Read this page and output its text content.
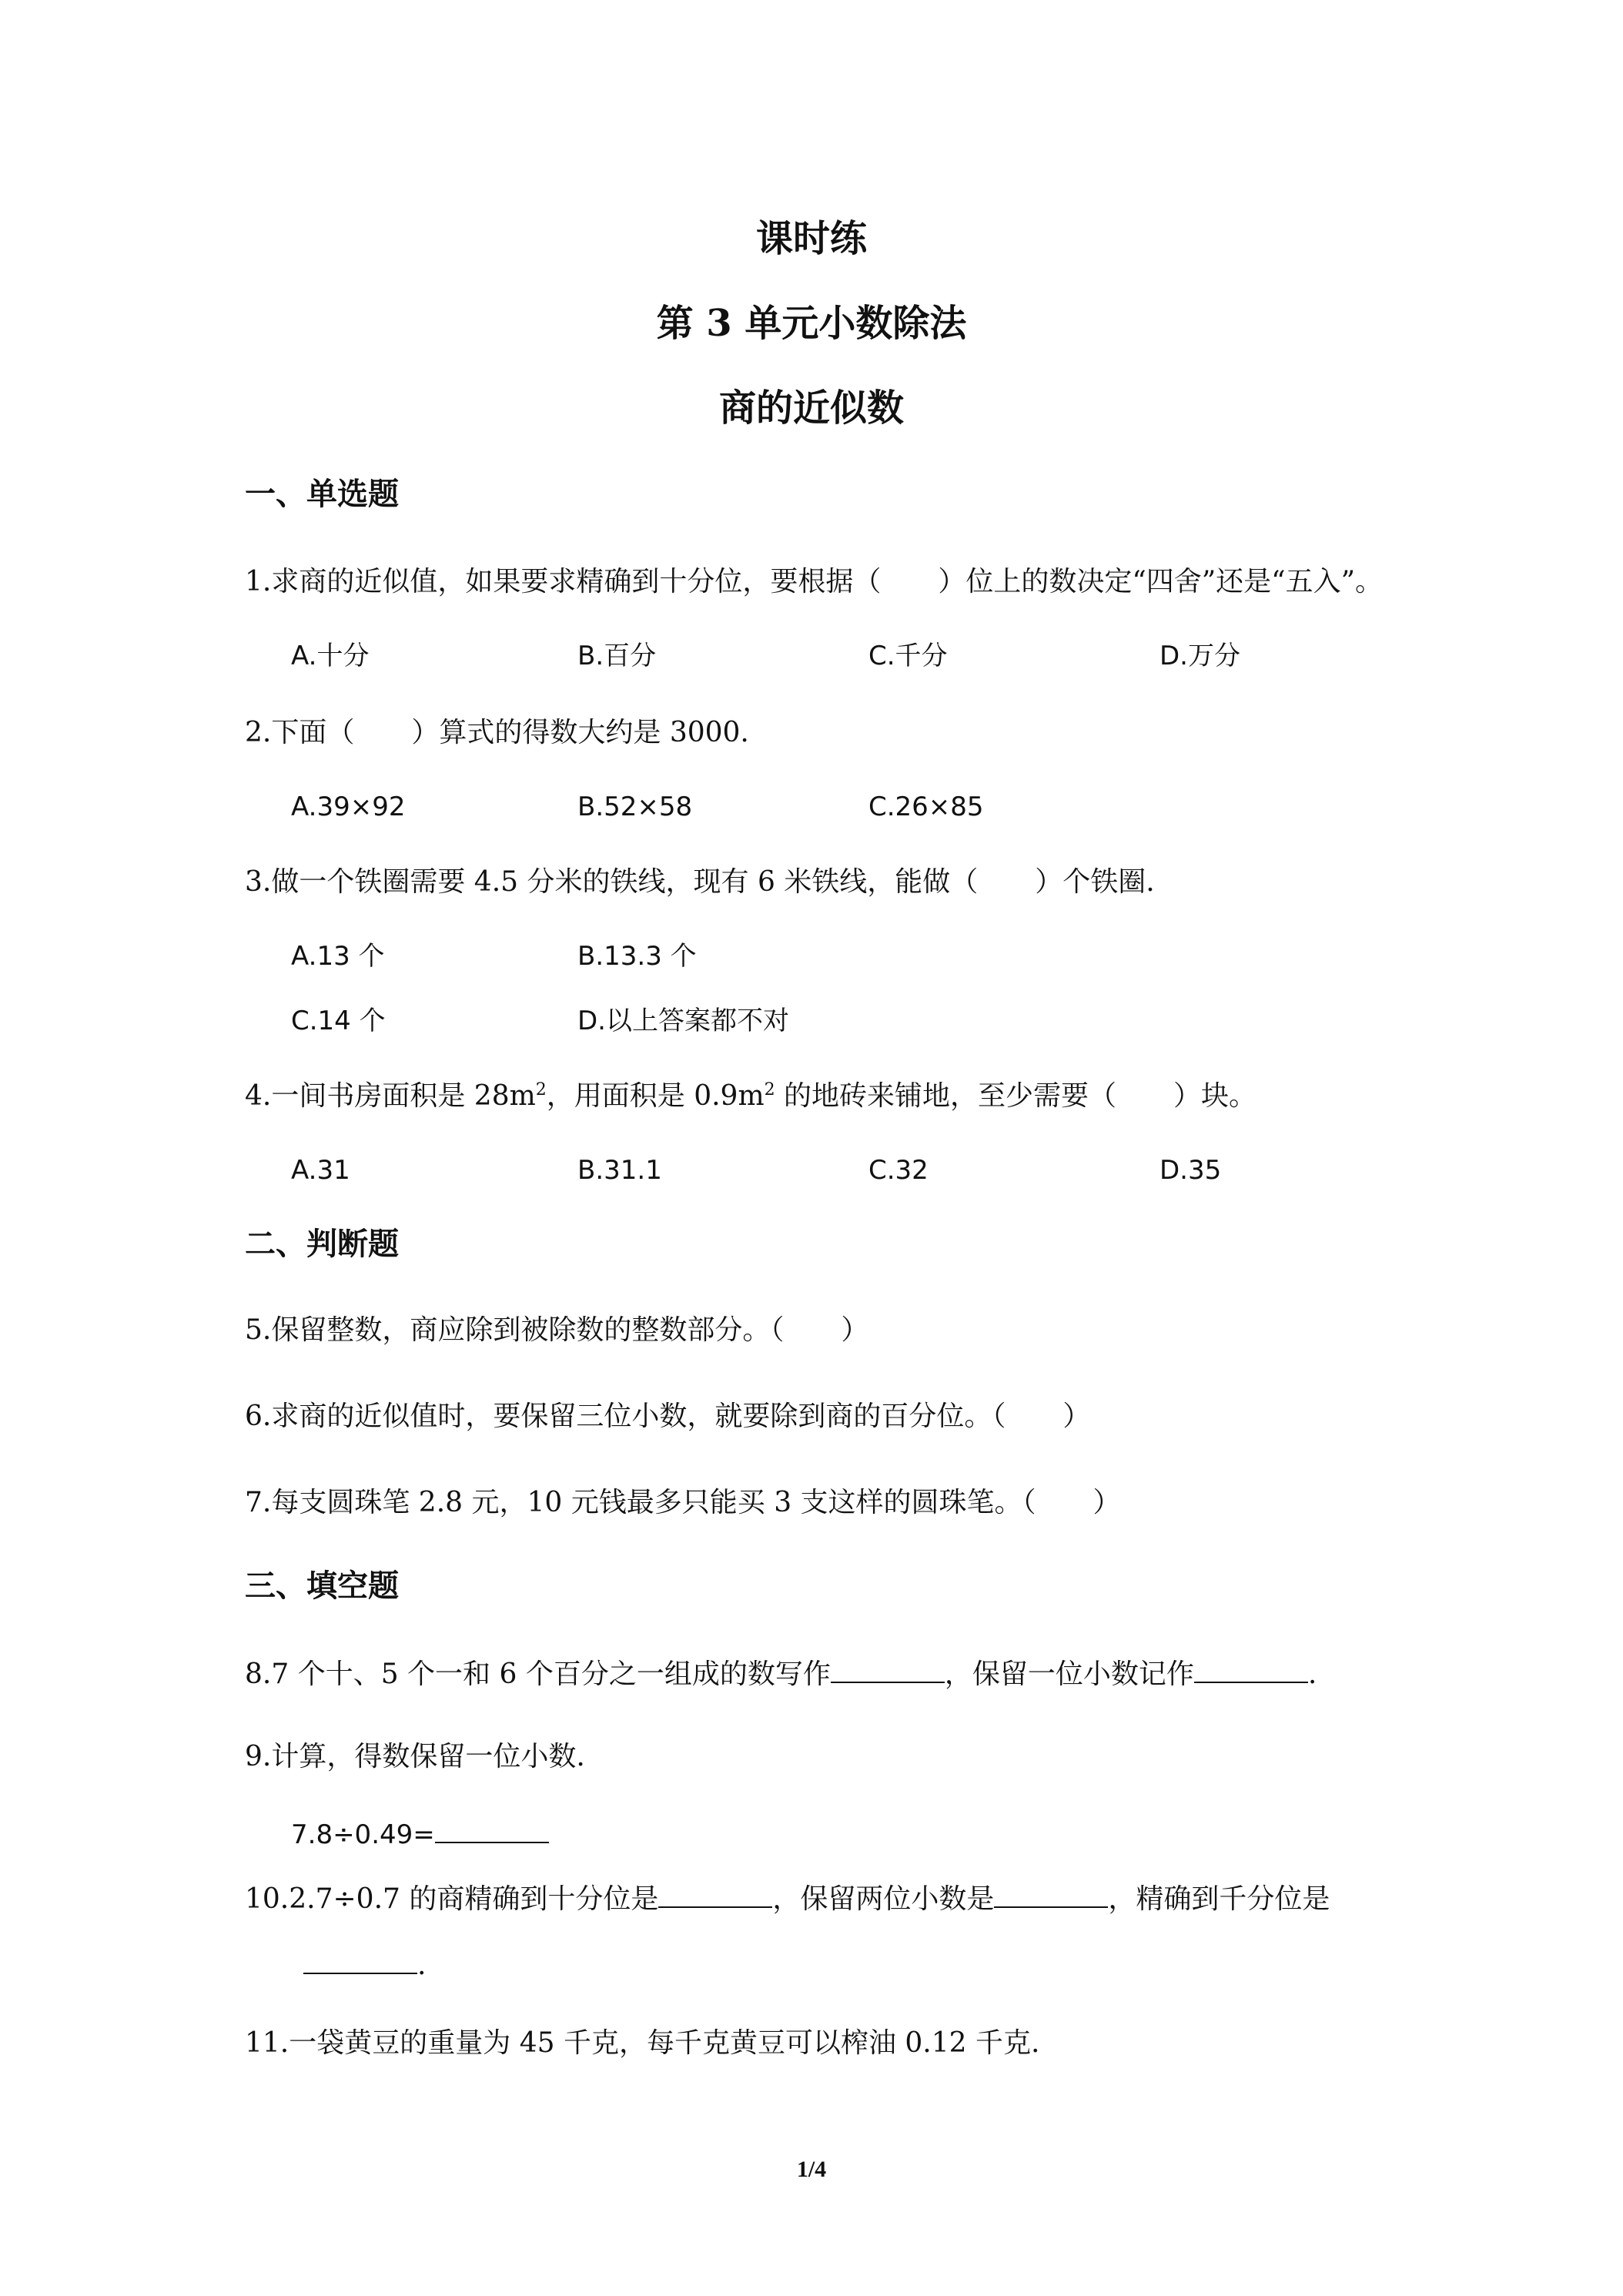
课时练
第 3 单元小数除法
商的近似数
一、单选题
1.求商的近似值，如果要求精确到十分位，要根据（ ）位上的数决定“四舍”还是“五入”。
A.十分	B.百分	C.千分	D.万分
2.下面（ ）算式的得数大约是 3000.
A.39×92	B.52×58	C.26×85
3.做一个铁圈需要 4.5 分米的铁线，现有 6 米铁线，能做（ ）个铁圈.
A.13 个	B.13.3 个
C.14 个	D.以上答案都不对
4.一间书房面积是 $28m^2$，用面积是 $0.9m^2$ 的地砖来铺地，至少需要（ ）块。
A.31	B.31.1	C.32	D.35
二、判断题
5.保留整数，商应除到被除数的整数部分。（ ）
6.求商的近似值时，要保留三位小数，就要除到商的百分位。（ ）
7.每支圆珠笔 2.8 元，10 元钱最多只能买 3 支这样的圆珠笔。（ ）
三、填空题
8.7 个十、5 个一和 6 个百分之一组成的数写作	，保留一位小数记作	.
9.计算，得数保留一位小数.
7.8÷0.49=
10.2.7÷0.7 的商精确到十分位是	，保留两位小数是	，精确到千分位是
.
11.一袋黄豆的重量为 45 千克，每千克黄豆可以榨油 0.12 千克.
1/4
